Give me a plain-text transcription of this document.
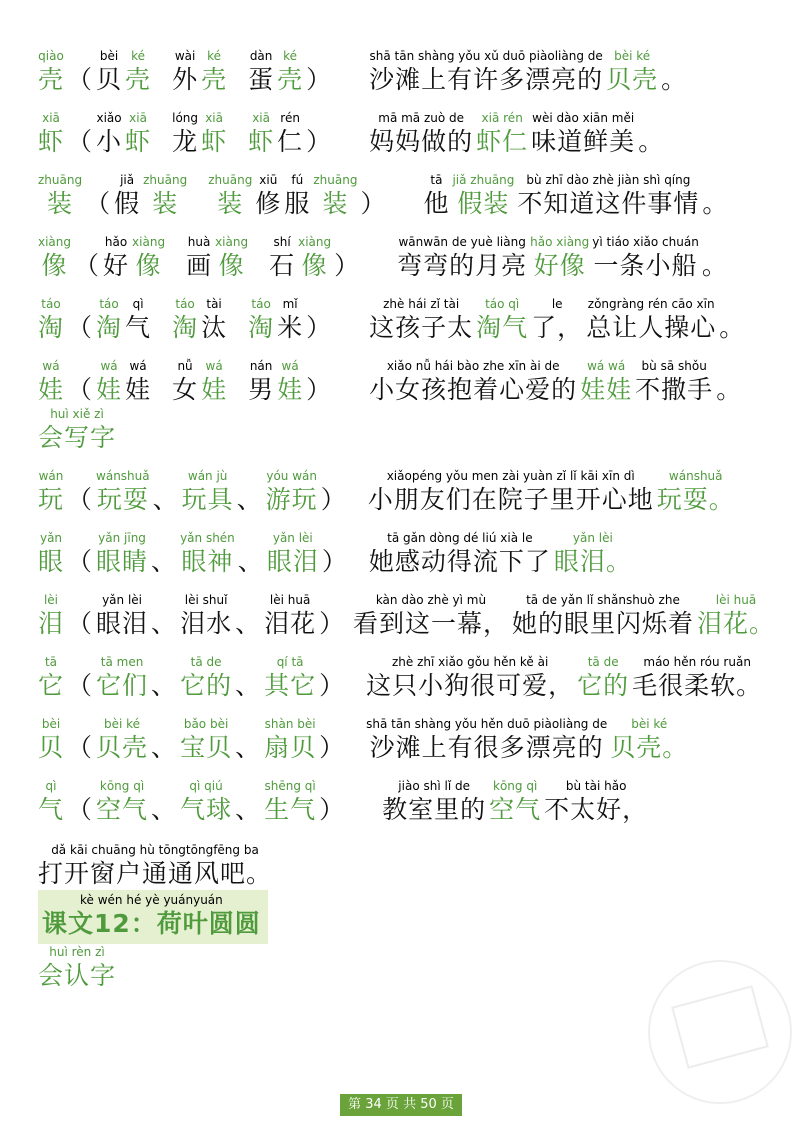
qiào
壳 （
bèi
贝
ké
壳
wài
外
ké
壳
dàn
蛋
ké
壳 ）
shā tān shàng yǒu xǔ duō piàoliàng de
沙滩上有许多漂亮的
bèi ké
贝壳 。
xiā
虾 （
xiǎo
小
xiā
虾
lóng
龙
xiā
虾
xiā
虾
rén
仁 ）
mā mā zuò de
妈妈做的
xiā rén
虾仁
wèi dào xiān měi
味道鲜美 。
zhuāng
装 （
jiǎ
假
zhuāng
装
zhuāng
装
xiū
修
fú
服
zhuāng
装 ）
tā
他
jiǎ zhuāng
假装
bù zhī dào zhè jiàn shì qíng
不知道这件事情 。
xiàng
像 （
hǎo
好
xiàng
像
huà
画
xiàng
像
shí
石
xiàng
像 ）
wānwān de yuè liàng
弯弯的月亮
hǎo xiàng
好像
yì tiáo xiǎo chuán
一条小船 。
táo
淘 （
táo
淘
qì
气
táo
淘
tài
汰
táo
淘
mǐ
米 ）
zhè hái zǐ tài
这孩子太
táo qì
淘气
le
了，
zǒngràng rén cāo xīn
总让人操心 。
wá
娃 （
wá
娃
wá
娃
nǚ
女
wá
娃
nán
男
wá
娃 ）
xiǎo nǚ hái bào zhe xīn ài de
小女孩抱着心爱的
wá wá
娃娃
bù sā shǒu
不撒手 。
huì xiě zì
会写字
wán
玩 （
wánshuǎ
玩耍 、
wán jù
玩具 、
yóu wán
游玩 ）
xiǎopéng yǒu men zài yuàn zǐ lǐ kāi xīn dì
小朋友们在院子里开心地
wánshuǎ
玩耍。
yǎn
眼 （
yǎn jīng
眼睛 、
yǎn shén
眼神 、
yǎn lèi
眼泪 ）
tā gǎn dòng dé liú xià le
她感动得流下了
yǎn lèi
眼泪。
lèi
泪 （
yǎn lèi
眼泪 、
lèi shuǐ
泪水 、
lèi huā
泪花 ）
kàn dào zhè yì mù
看到这一幕，
tā de yǎn lǐ shǎnshuò zhe
她的眼里闪烁着
lèi huā
泪花。
tā
它 （
tā men
它们 、
tā de
它的 、
qí tā
其它 ）
zhè zhī xiǎo gǒu hěn kě ài
这只小狗很可爱，
tā de
它的
máo hěn róu ruǎn
毛很柔软。
bèi
贝 （
bèi ké
贝壳 、
bǎo bèi
宝贝 、
shàn bèi
扇贝 ）
shā tān shàng yǒu hěn duō piàoliàng de
沙滩上有很多漂亮的
bèi ké
贝壳。
qì
气 （
kōng qì
空气 、
qì qiú
气球 、
shēng qì
生气 ）
jiào shì lǐ de
教室里的
kōng qì
空气
bù tài hǎo
不太好，
dǎ kāi chuāng hù tōngtōngfēng ba
打开窗户通通风吧。
kè wén hé yè yuányuán
课文12：荷叶圆圆
huì rèn zì
会认字
第 34 页 共 50 页
